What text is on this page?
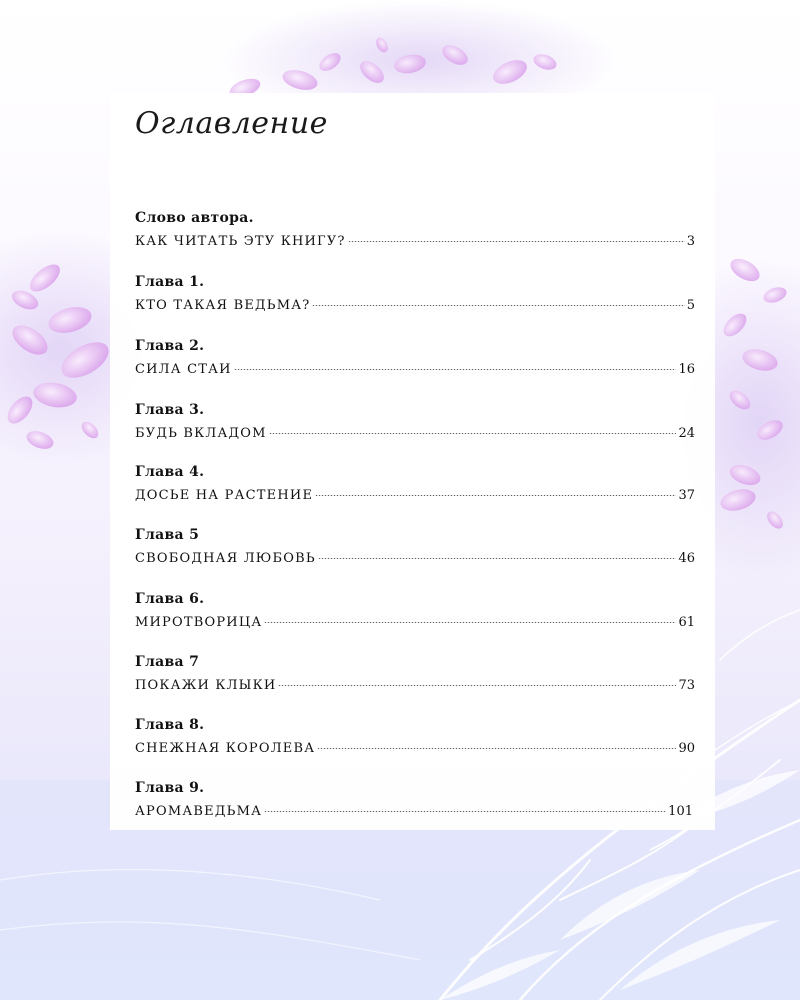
Оглавление
Слово автора.
КАК ЧИТАТЬ ЭТУ КНИГУ?	3
Глава 1.
КТО ТАКАЯ ВЕДЬМА?	5
Глава 2.
СИЛА СТАИ	16
Глава 3.
БУДЬ ВКЛАДОМ	24
Глава 4.
ДОСЬЕ НА РАСТЕНИЕ	37
Глава 5
СВОБОДНАЯ ЛЮБОВЬ	46
Глава 6.
МИРОТВОРИЦА	61
Глава 7
ПОКАЖИ КЛЫКИ	73
Глава 8.
СНЕЖНАЯ КОРОЛЕВА	90
Глава 9.
АРОМАВЕДЬМА	101
